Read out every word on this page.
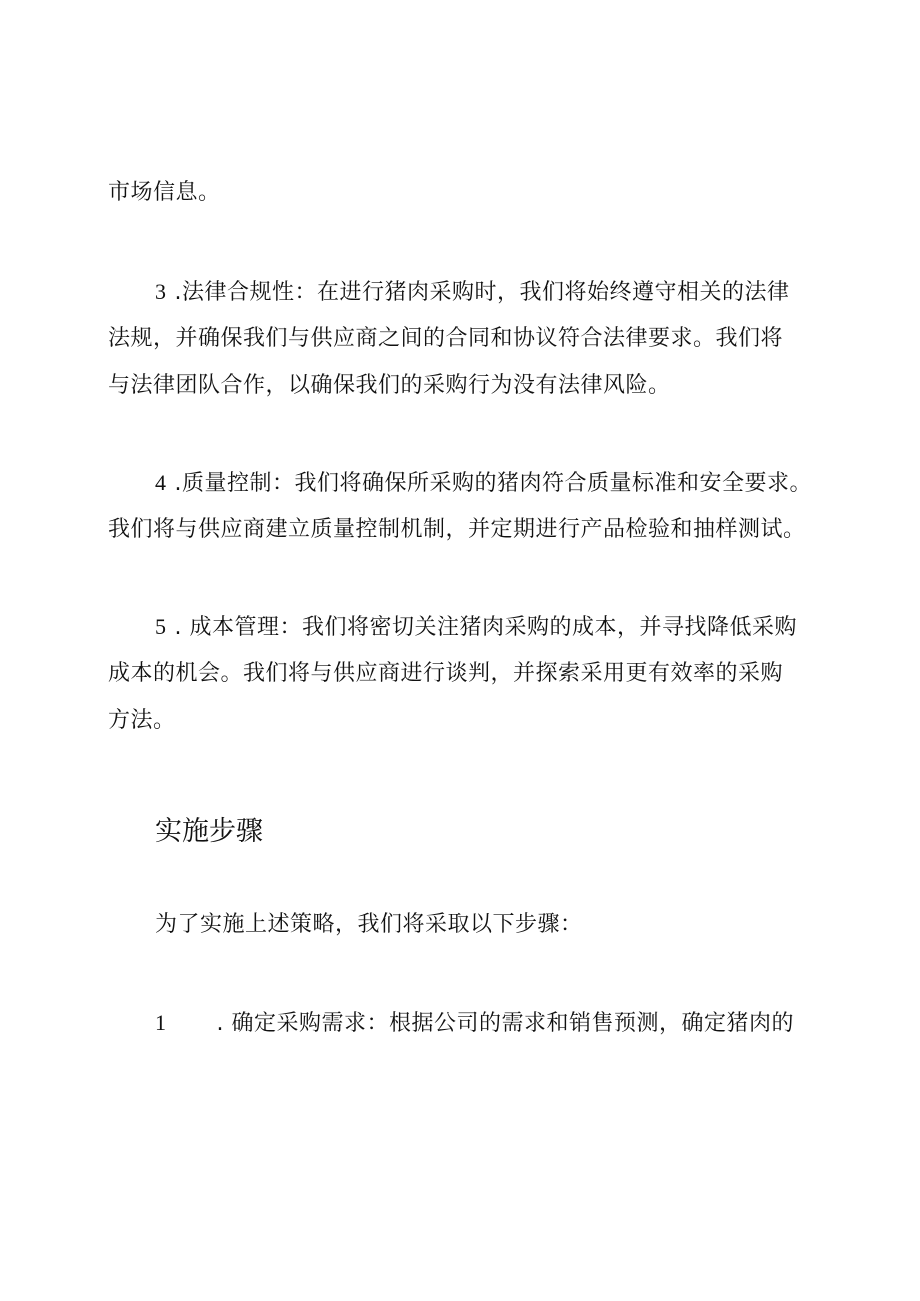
市场信息。
3 .法律合规性：在进行猪肉采购时，我们将始终遵守相关的法律
法规，并确保我们与供应商之间的合同和协议符合法律要求。我们将
与法律团队合作，以确保我们的采购行为没有法律风险。
4 .质量控制：我们将确保所采购的猪肉符合质量标准和安全要求。
我们将与供应商建立质量控制机制，并定期进行产品检验和抽样测试。
5 . 成本管理：我们将密切关注猪肉采购的成本，并寻找降低采购
成本的机会。我们将与供应商进行谈判，并探索采用更有效率的采购
方法。
实施步骤
为了实施上述策略，我们将采取以下步骤：
1 . 确定采购需求：根据公司的需求和销售预测，确定猪肉的
